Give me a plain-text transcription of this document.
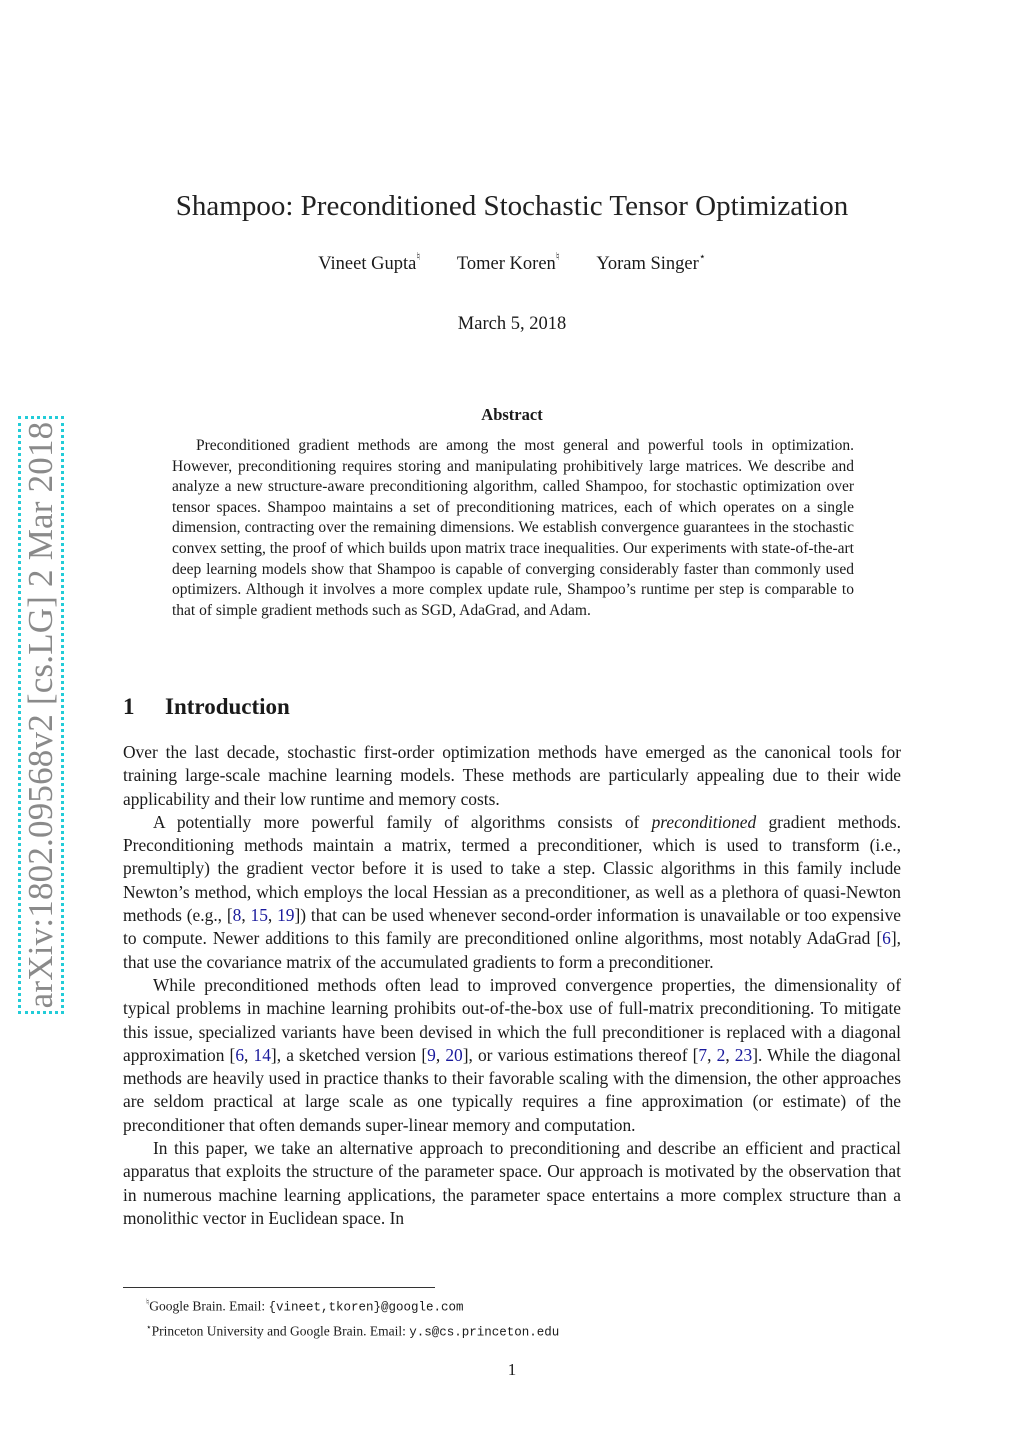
arXiv:1802.09568v2 [cs.LG] 2 Mar 2018
Shampoo: Preconditioned Stochastic Tensor Optimization
Vineet Gupta♮ Tomer Koren♮ Yoram Singer⋆
March 5, 2018
Abstract
Preconditioned gradient methods are among the most general and powerful tools in optimization. However, preconditioning requires storing and manipulating prohibitively large matrices. We describe and analyze a new structure-aware preconditioning algorithm, called Shampoo, for stochastic optimization over tensor spaces. Shampoo maintains a set of preconditioning matrices, each of which operates on a single dimension, contracting over the remaining dimensions. We establish convergence guarantees in the stochastic convex setting, the proof of which builds upon matrix trace inequalities. Our experiments with state-of-the-art deep learning models show that Shampoo is capable of converging considerably faster than commonly used optimizers. Although it involves a more complex update rule, Shampoo’s runtime per step is comparable to that of simple gradient methods such as SGD, AdaGrad, and Adam.
1 Introduction

Over the last decade, stochastic first-order optimization methods have emerged as the canonical tools for training large-scale machine learning models. These methods are particularly appealing due to their wide applicability and their low runtime and memory costs.

A potentially more powerful family of algorithms consists of preconditioned gradient methods. Preconditioning methods maintain a matrix, termed a preconditioner, which is used to transform (i.e., premultiply) the gradient vector before it is used to take a step. Classic algorithms in this family include Newton’s method, which employs the local Hessian as a preconditioner, as well as a plethora of quasi-Newton methods (e.g., [8, 15, 19]) that can be used whenever second-order information is unavailable or too expensive to compute. Newer additions to this family are preconditioned online algorithms, most notably AdaGrad [6], that use the covariance matrix of the accumulated gradients to form a preconditioner.

While preconditioned methods often lead to improved convergence properties, the dimensionality of typical problems in machine learning prohibits out-of-the-box use of full-matrix preconditioning. To mitigate this issue, specialized variants have been devised in which the full preconditioner is replaced with a diagonal approximation [6, 14], a sketched version [9, 20], or various estimations thereof [7, 2, 23]. While the diagonal methods are heavily used in practice thanks to their favorable scaling with the dimension, the other approaches are seldom practical at large scale as one typically requires a fine approximation (or estimate) of the preconditioner that often demands super-linear memory and computation.

In this paper, we take an alternative approach to preconditioning and describe an efficient and practical apparatus that exploits the structure of the parameter space. Our approach is motivated by the observation that in numerous machine learning applications, the parameter space entertains a more complex structure than a monolithic vector in Euclidean space. In

♮Google Brain. Email: {vineet,tkoren}@google.com
⋆Princeton University and Google Brain. Email: y.s@cs.princeton.edu
1
